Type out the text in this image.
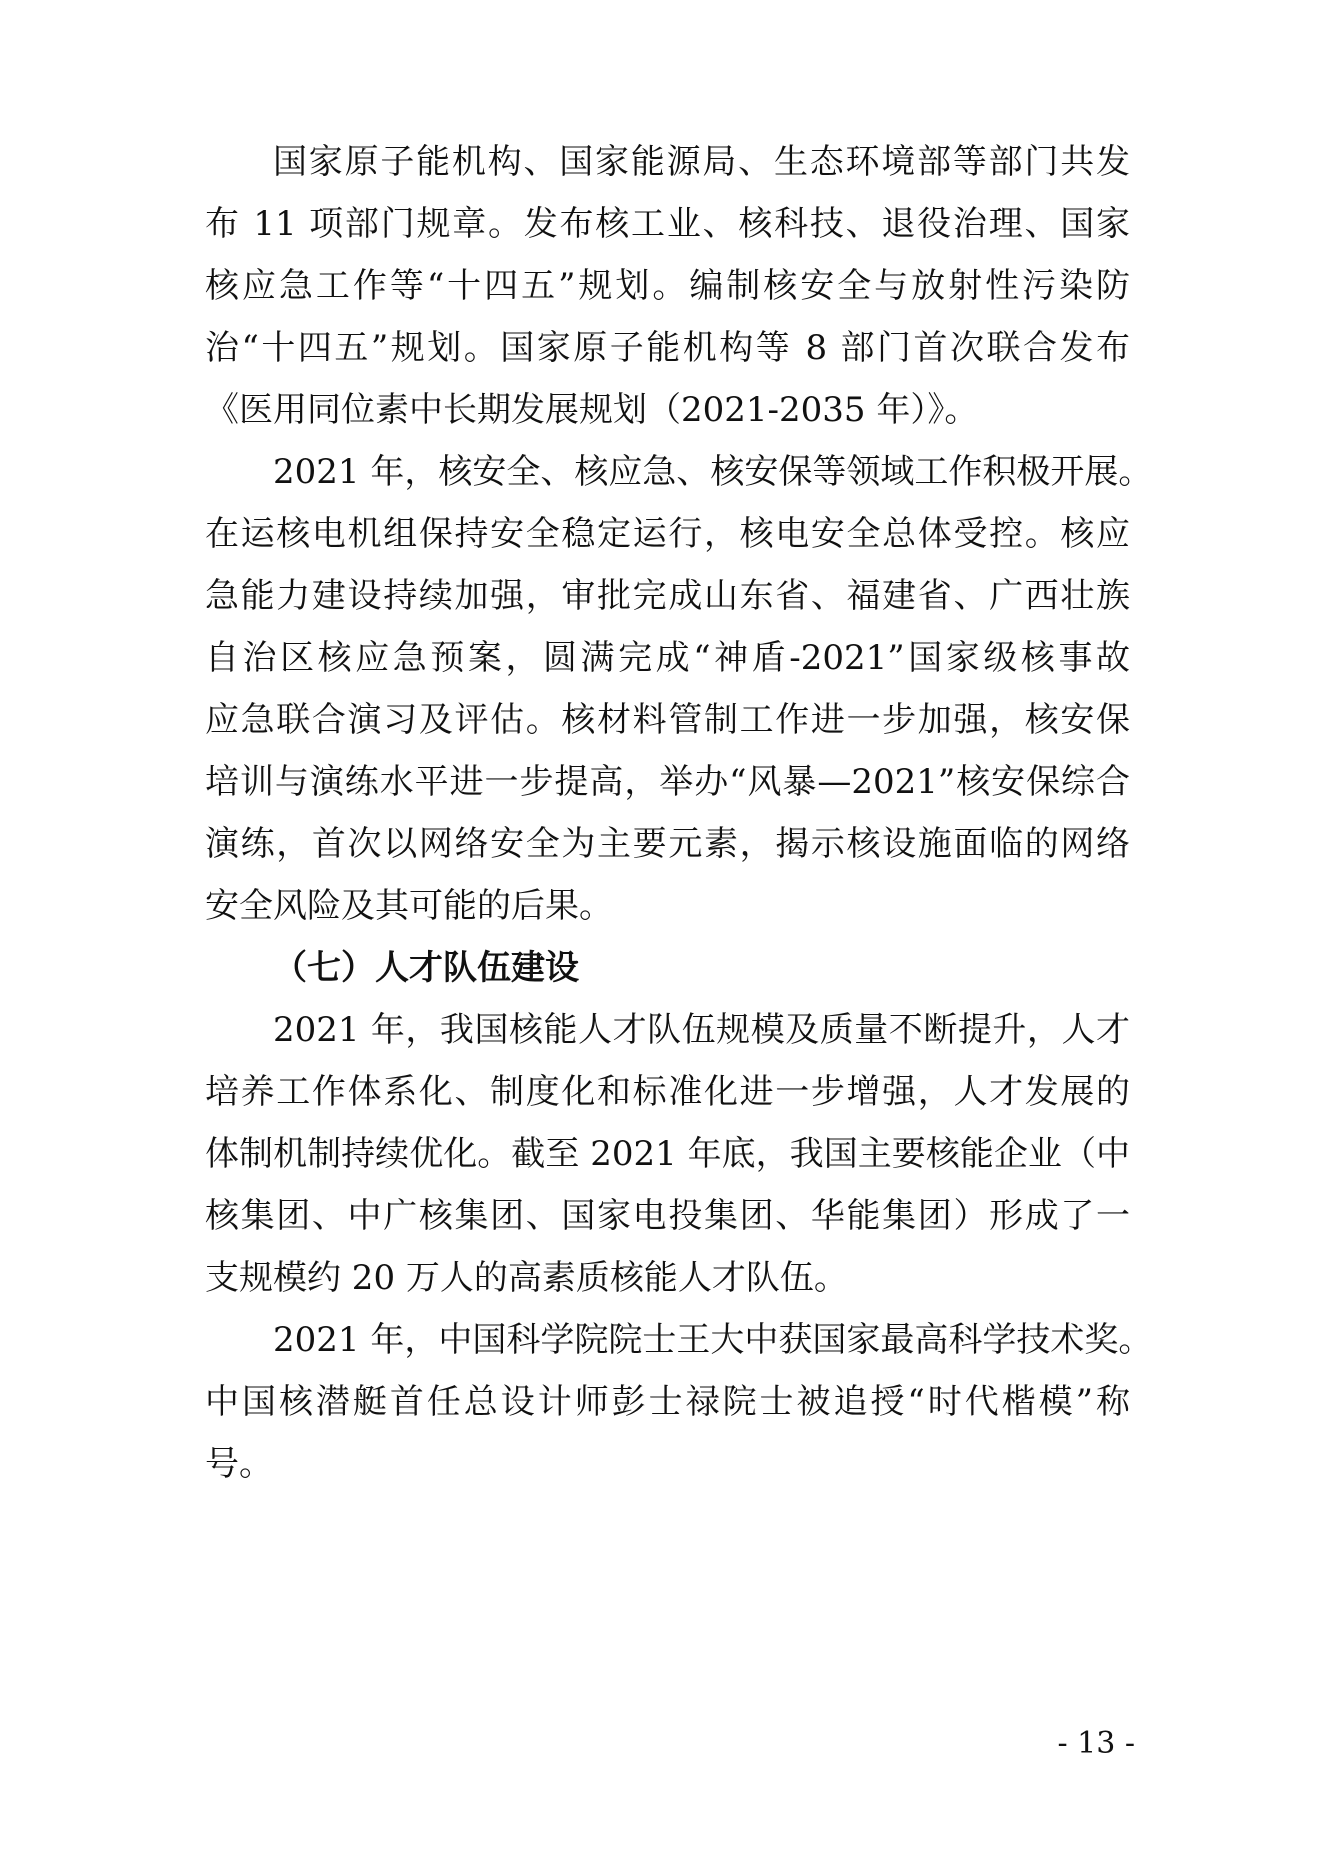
国家原子能机构、国家能源局、生态环境部等部门共发
布 11 项部门规章。发布核工业、核科技、退役治理、国家
核应急工作等“十四五”规划。编制核安全与放射性污染防
治“十四五”规划。国家原子能机构等 8 部门首次联合发布
《医用同位素中长期发展规划（2021-2035 年）》。
2021 年，核安全、核应急、核安保等领域工作积极开展。
在运核电机组保持安全稳定运行，核电安全总体受控。核应
急能力建设持续加强，审批完成山东省、福建省、广西壮族
自治区核应急预案，圆满完成“神盾-2021”国家级核事故
应急联合演习及评估。核材料管制工作进一步加强，核安保
培训与演练水平进一步提高，举办“风暴—2021”核安保综合
演练，首次以网络安全为主要元素，揭示核设施面临的网络
安全风险及其可能的后果。
（七）人才队伍建设
2021 年，我国核能人才队伍规模及质量不断提升，人才
培养工作体系化、制度化和标准化进一步增强，人才发展的
体制机制持续优化。截至 2021 年底，我国主要核能企业（中
核集团、中广核集团、国家电投集团、华能集团）形成了一
支规模约 20 万人的高素质核能人才队伍。
2021 年，中国科学院院士王大中获国家最高科学技术奖。
中国核潜艇首任总设计师彭士禄院士被追授“时代楷模”称
号。
- 13 -
